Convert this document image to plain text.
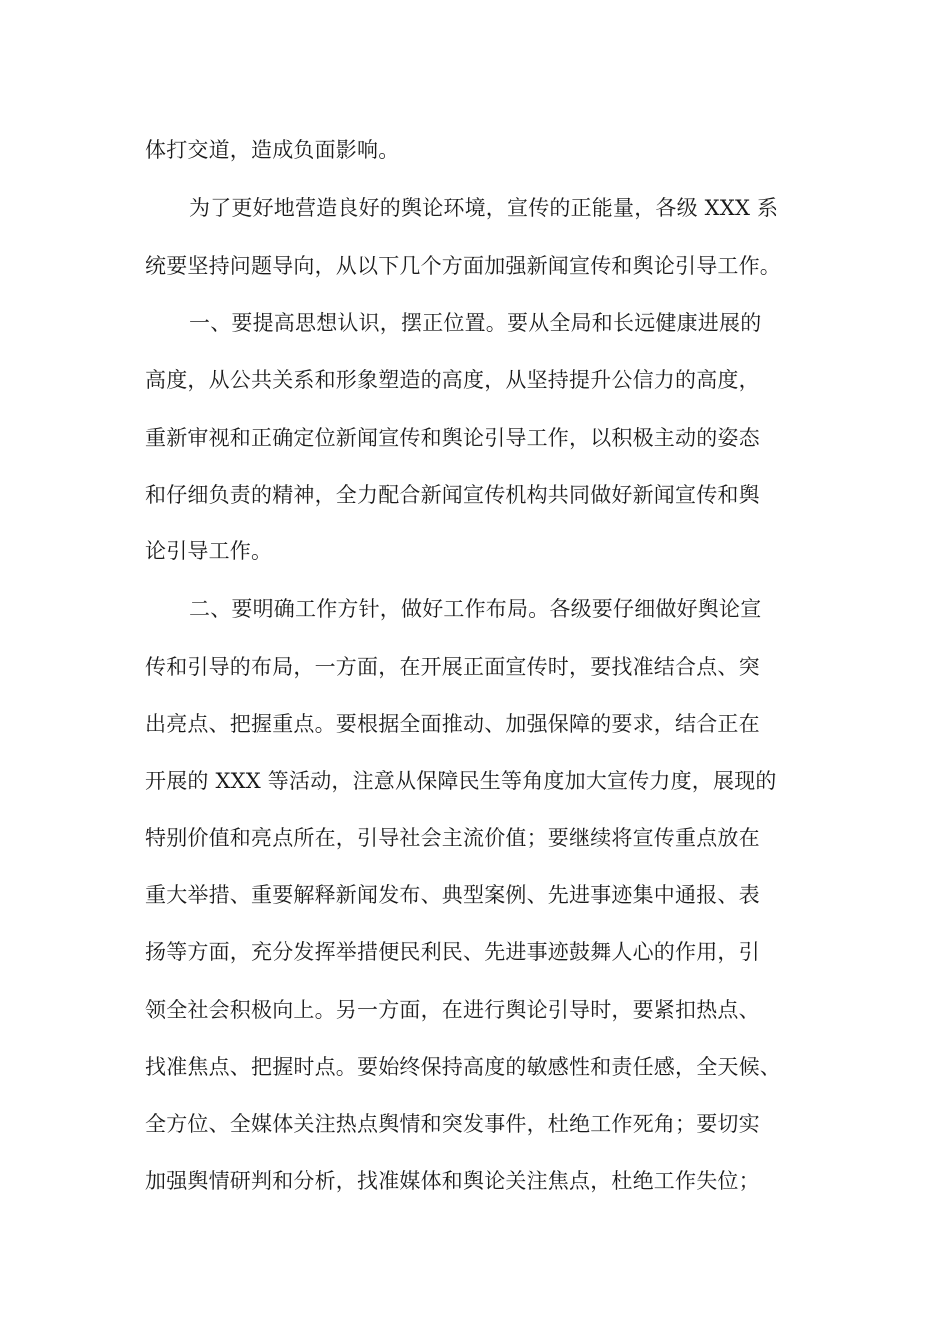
体打交道，造成负面影响。
为了更好地营造良好的舆论环境，宣传的正能量，各级 XXX 系
统要坚持问题导向，从以下几个方面加强新闻宣传和舆论引导工作。
一、要提高思想认识，摆正位置。要从全局和长远健康进展的
高度，从公共关系和形象塑造的高度，从坚持提升公信力的高度，
重新审视和正确定位新闻宣传和舆论引导工作，以积极主动的姿态
和仔细负责的精神，全力配合新闻宣传机构共同做好新闻宣传和舆
论引导工作。
二、要明确工作方针，做好工作布局。各级要仔细做好舆论宣
传和引导的布局，一方面，在开展正面宣传时，要找准结合点、突
出亮点、把握重点。要根据全面推动、加强保障的要求，结合正在
开展的 XXX 等活动，注意从保障民生等角度加大宣传力度，展现的
特别价值和亮点所在，引导社会主流价值；要继续将宣传重点放在
重大举措、重要解释新闻发布、典型案例、先进事迹集中通报、表
扬等方面，充分发挥举措便民利民、先进事迹鼓舞人心的作用，引
领全社会积极向上。另一方面，在进行舆论引导时，要紧扣热点、
找准焦点、把握时点。要始终保持高度的敏感性和责任感，全天候、
全方位、全媒体关注热点舆情和突发事件，杜绝工作死角；要切实
加强舆情研判和分析，找准媒体和舆论关注焦点，杜绝工作失位；
